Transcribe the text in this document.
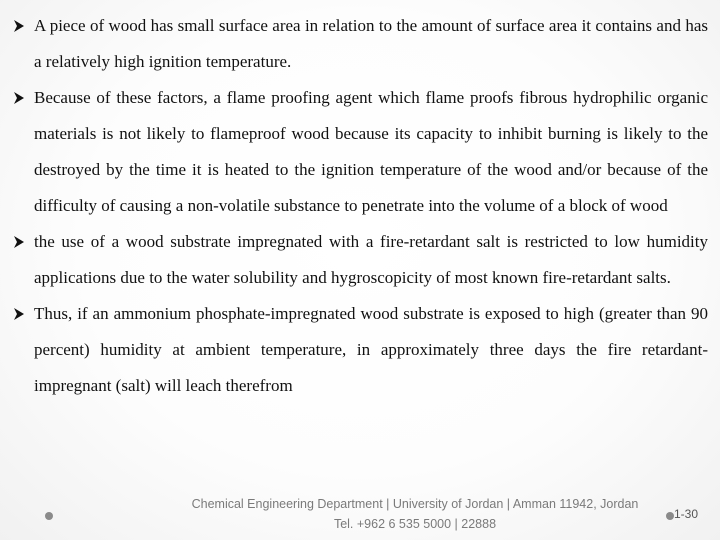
A piece of wood has small surface area in relation to the amount of surface area it contains and has a relatively high ignition temperature.
Because of these factors, a flame proofing agent which flame proofs fibrous hydrophilic organic materials is not likely to flameproof wood because its capacity to inhibit burning is likely to the destroyed by the time it is heated to the ignition temperature of the wood and/or because of the difficulty of causing a non-volatile substance to penetrate into the volume of a block of wood
the use of a wood substrate impregnated with a fire-retardant salt is restricted to low humidity applications due to the water solubility and hygroscopicity of most known fire-retardant salts.
Thus, if an ammonium phosphate-impregnated wood substrate is exposed to high (greater than 90 percent) humidity at ambient temperature, in approximately three days the fire retardant-impregnant (salt) will leach therefrom
Chemical Engineering Department | University of Jordan | Amman 11942, Jordan
Tel. +962 6 535 5000 | 22888
1-30
